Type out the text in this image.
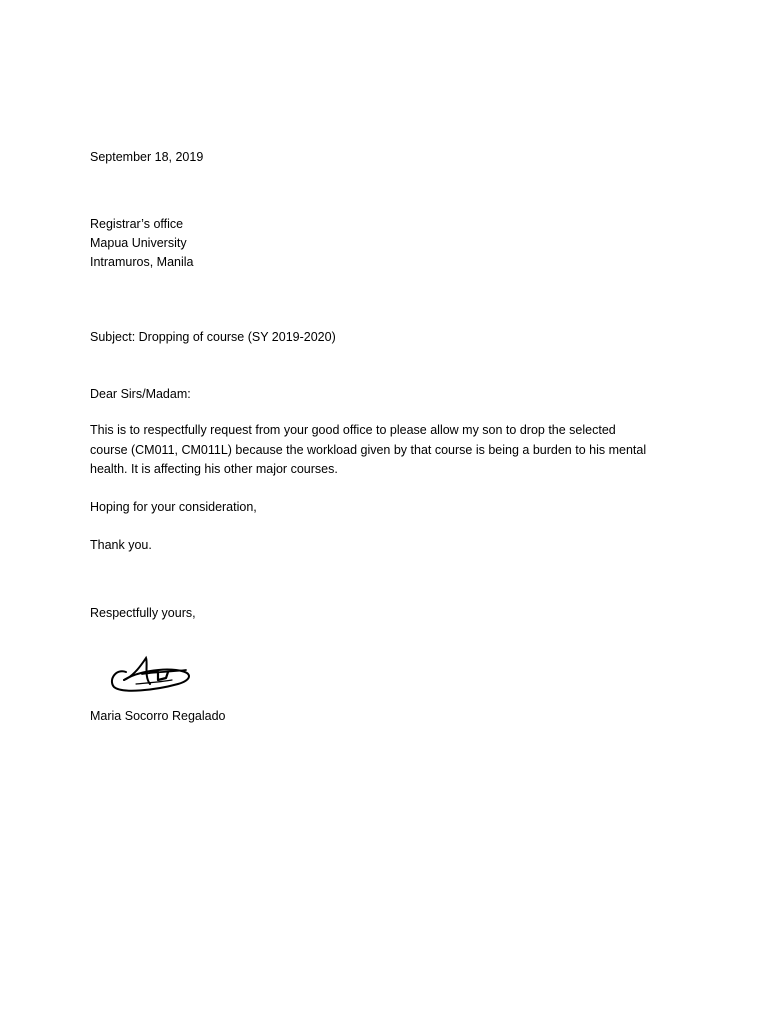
September 18, 2019

Registrar’s office

Mapua University

Intramuros, Manila

Subject: Dropping of course (SY 2019-2020)

Dear Sirs/Madam:

This is to respectfully request from your good office to please allow my son to drop the selected
course (CM011, CM011L) because the workload given by that course is being a burden to his mental
health. It is affecting his other major courses.

Hoping for your consideration,

Thank you.

Respectfully yours,

Maria Socorro Regalado
